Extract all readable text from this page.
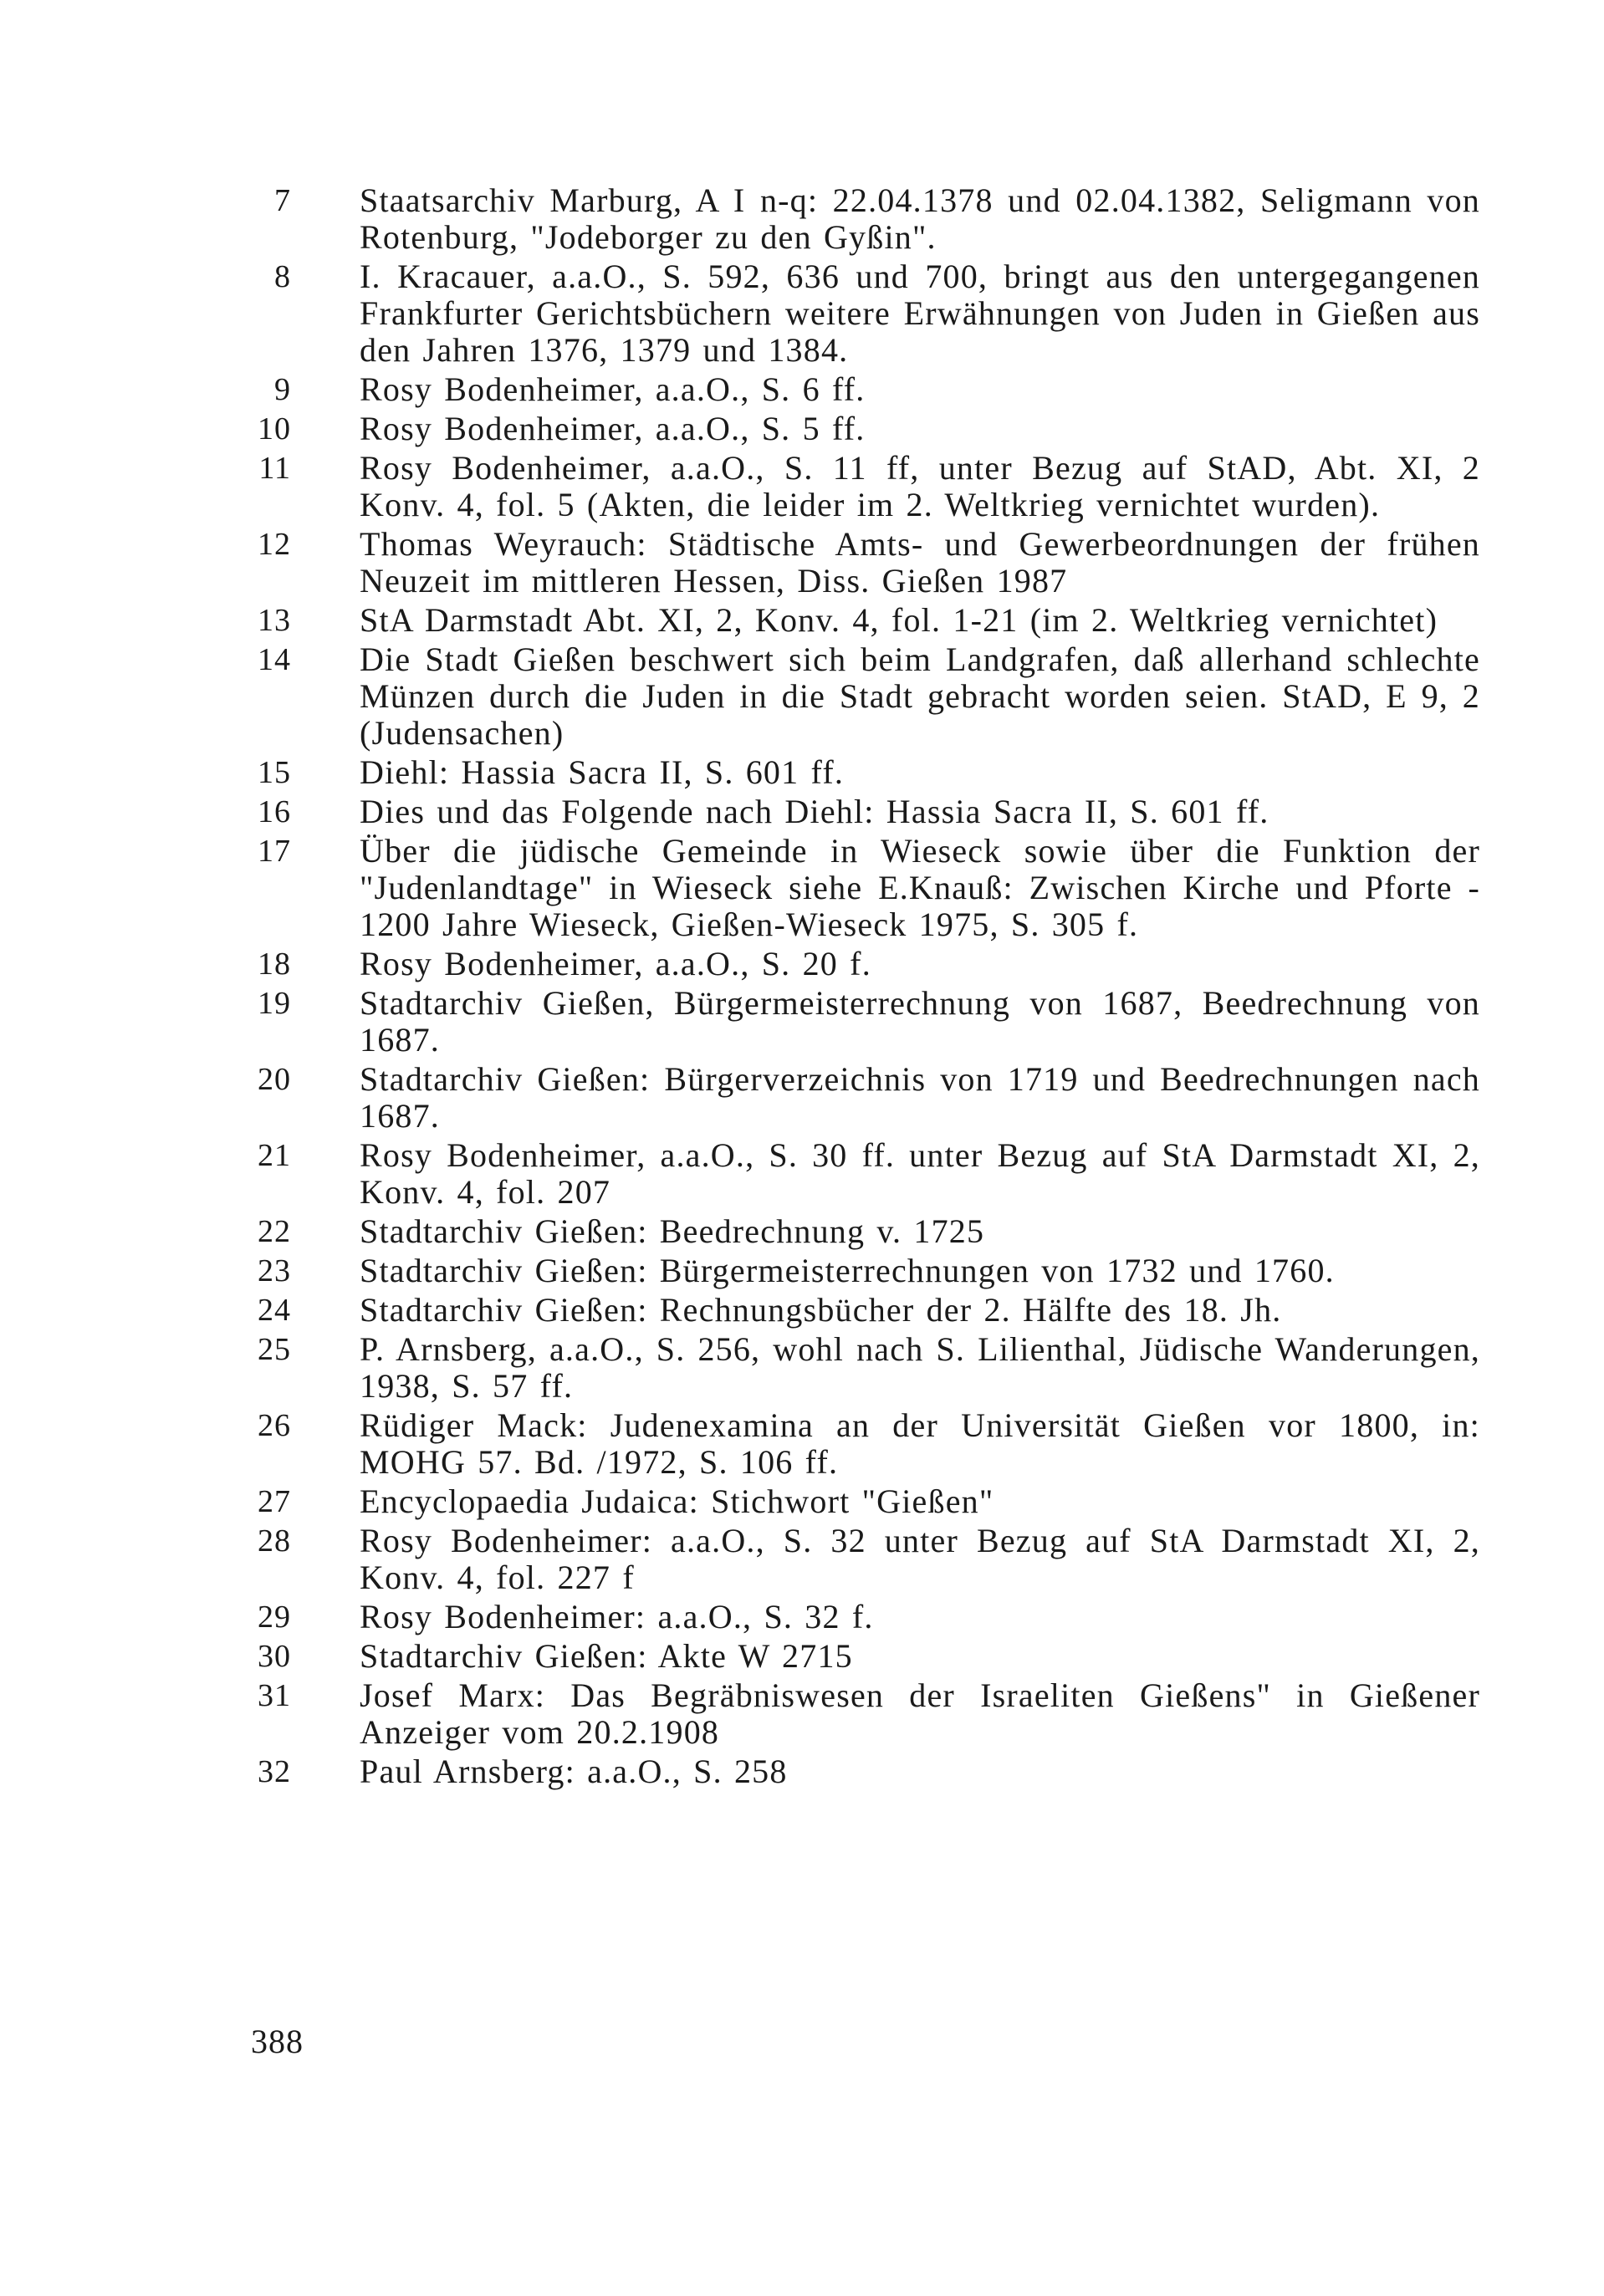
7	Staatsarchiv Marburg, A I n-q: 22.04.1378 und 02.04.1382, Seligmann von Rotenburg, "Jodeborger zu den Gyßin".
8	I. Kracauer, a.a.O., S. 592, 636 und 700, bringt aus den untergegangenen Frankfurter Gerichtsbüchern weitere Erwähnungen von Juden in Gießen aus den Jahren 1376, 1379 und 1384.
9	Rosy Bodenheimer, a.a.O., S. 6 ff.
10	Rosy Bodenheimer, a.a.O., S. 5 ff.
11	Rosy Bodenheimer, a.a.O., S. 11 ff, unter Bezug auf StAD, Abt. XI, 2 Konv. 4, fol. 5 (Akten, die leider im 2. Weltkrieg vernichtet wurden).
12	Thomas Weyrauch: Städtische Amts- und Gewerbeordnungen der frühen Neuzeit im mittleren Hessen, Diss. Gießen 1987
13	StA Darmstadt Abt. XI, 2, Konv. 4, fol. 1-21 (im 2. Weltkrieg vernichtet)
14	Die Stadt Gießen beschwert sich beim Landgrafen, daß allerhand schlechte Münzen durch die Juden in die Stadt gebracht worden seien. StAD, E 9, 2 (Judensachen)
15	Diehl: Hassia Sacra II, S. 601 ff.
16	Dies und das Folgende nach Diehl: Hassia Sacra II, S. 601 ff.
17	Über die jüdische Gemeinde in Wieseck sowie über die Funktion der "Judenlandtage" in Wieseck siehe E.Knauß: Zwischen Kirche und Pforte - 1200 Jahre Wieseck, Gießen-Wieseck 1975, S. 305 f.
18	Rosy Bodenheimer, a.a.O., S. 20 f.
19	Stadtarchiv Gießen, Bürgermeisterrechnung von 1687, Beedrechnung von 1687.
20	Stadtarchiv Gießen: Bürgerverzeichnis von 1719 und Beedrechnungen nach 1687.
21	Rosy Bodenheimer, a.a.O., S. 30 ff. unter Bezug auf StA Darmstadt XI, 2, Konv. 4, fol. 207
22	Stadtarchiv Gießen: Beedrechnung v. 1725
23	Stadtarchiv Gießen: Bürgermeisterrechnungen von 1732 und 1760.
24	Stadtarchiv Gießen: Rechnungsbücher der 2. Hälfte des 18. Jh.
25	P. Arnsberg, a.a.O., S. 256, wohl nach S. Lilienthal, Jüdische Wanderungen, 1938, S. 57 ff.
26	Rüdiger Mack: Judenexamina an der Universität Gießen vor 1800, in: MOHG 57. Bd. /1972, S. 106 ff.
27	Encyclopaedia Judaica: Stichwort "Gießen"
28	Rosy Bodenheimer: a.a.O., S. 32 unter Bezug auf StA Darmstadt XI, 2, Konv. 4, fol. 227 f
29	Rosy Bodenheimer: a.a.O., S. 32 f.
30	Stadtarchiv Gießen: Akte W 2715
31	Josef Marx: Das Begräbniswesen der Israeliten Gießens" in Gießener Anzeiger vom 20.2.1908
32	Paul Arnsberg: a.a.O., S. 258
388
